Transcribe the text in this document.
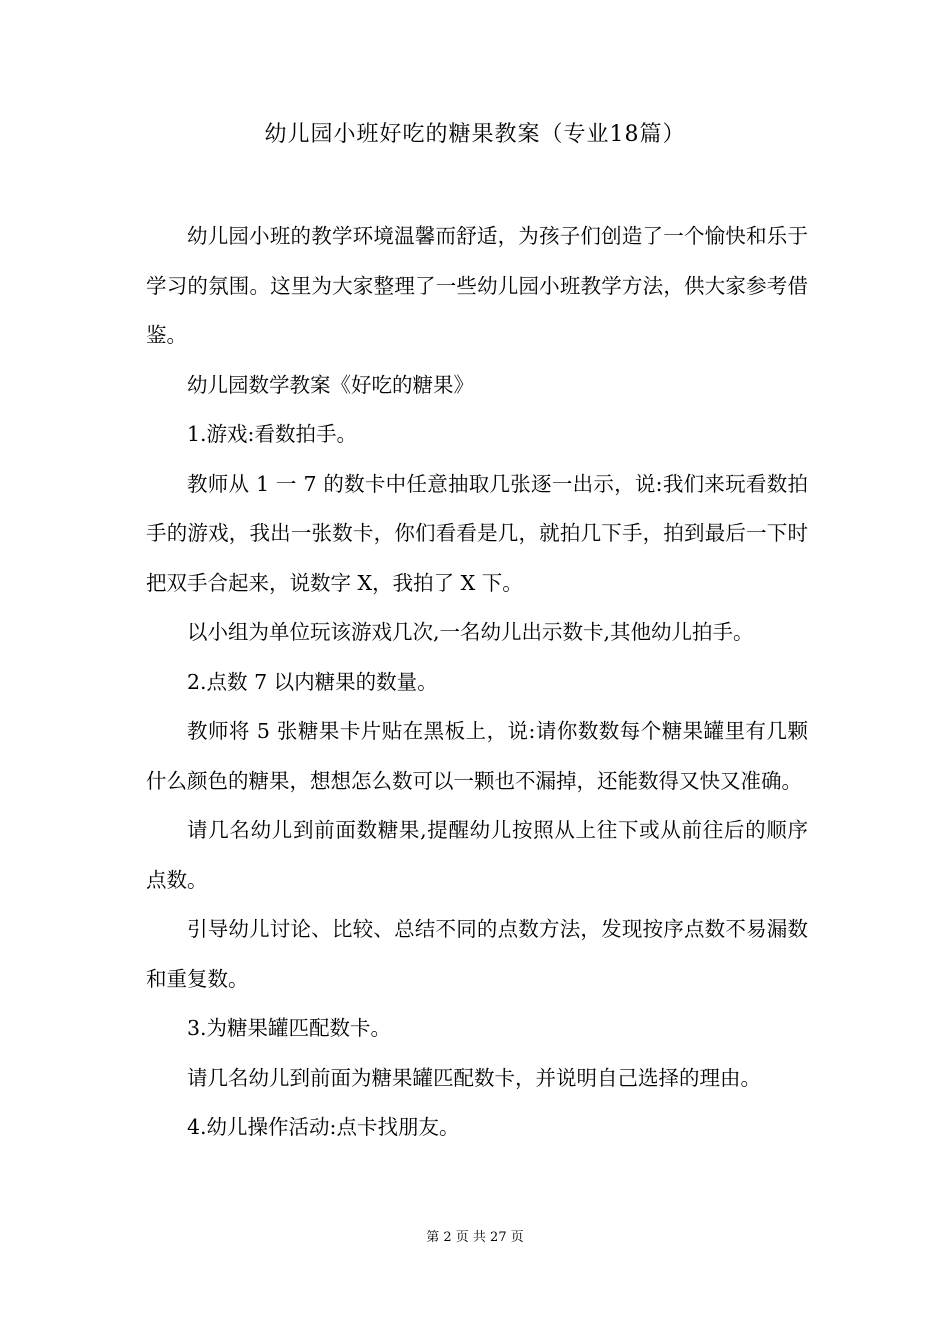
幼儿园小班好吃的糖果教案（专业18篇）

幼儿园小班的教学环境温馨而舒适，为孩子们创造了一个愉快和乐于学习的氛围。这里为大家整理了一些幼儿园小班教学方法，供大家参考借鉴。

幼儿园数学教案《好吃的糖果》

1.游戏:看数拍手。

教师从 1 一 7 的数卡中任意抽取几张逐一出示，说:我们来玩看数拍手的游戏，我出一张数卡，你们看看是几，就拍几下手，拍到最后一下时把双手合起来，说数字 X，我拍了 X 下。

以小组为单位玩该游戏几次,一名幼儿出示数卡,其他幼儿拍手。

2.点数 7 以内糖果的数量。

教师将 5 张糖果卡片贴在黑板上，说:请你数数每个糖果罐里有几颗什么颜色的糖果，想想怎么数可以一颗也不漏掉，还能数得又快又准确。

请几名幼儿到前面数糖果,提醒幼儿按照从上往下或从前往后的顺序点数。

引导幼儿讨论、比较、总结不同的点数方法，发现按序点数不易漏数和重复数。

3.为糖果罐匹配数卡。

请几名幼儿到前面为糖果罐匹配数卡，并说明自己选择的理由。

4.幼儿操作活动:点卡找朋友。

第 2 页 共 27 页
